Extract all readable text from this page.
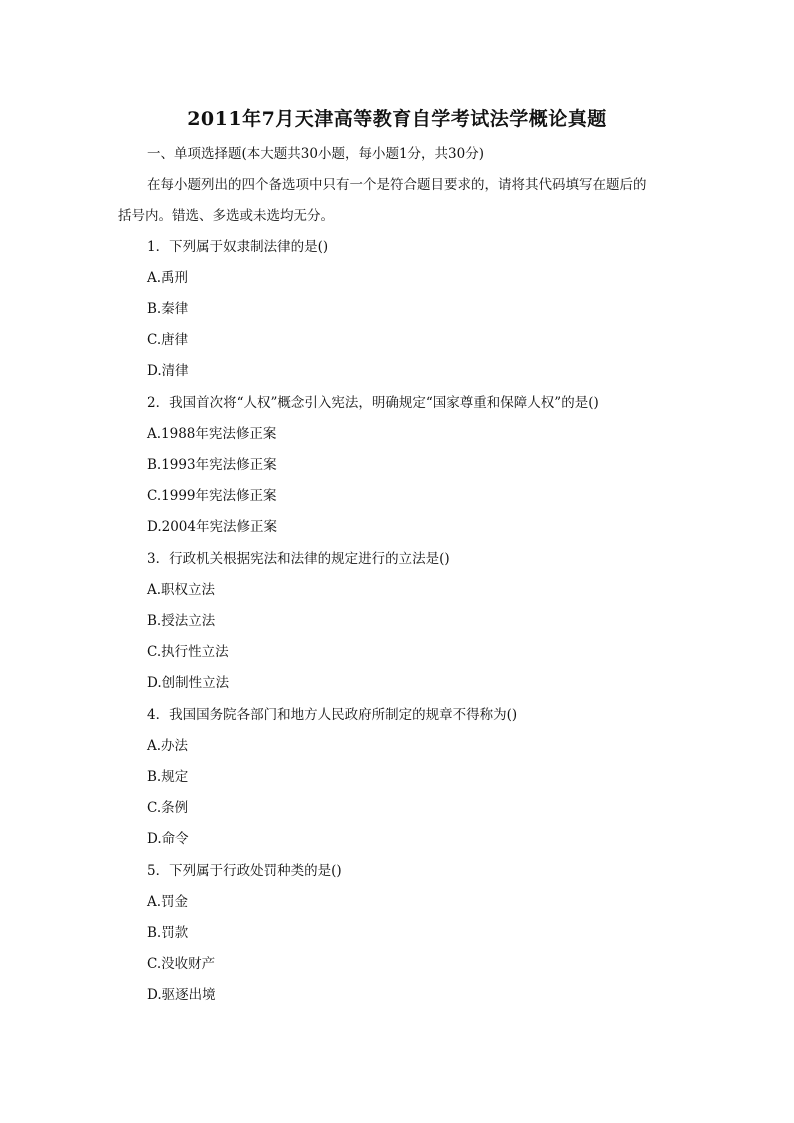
2011年7月天津高等教育自学考试法学概论真题
一、单项选择题(本大题共30小题，每小题1分，共30分)
在每小题列出的四个备选项中只有一个是符合题目要求的，请将其代码填写在题后的
括号内。错选、多选或未选均无分。
1．下列属于奴隶制法律的是()
A.禹刑
B.秦律
C.唐律
D.清律
2．我国首次将“人权”概念引入宪法，明确规定“国家尊重和保障人权”的是()
A.1988年宪法修正案
B.1993年宪法修正案
C.1999年宪法修正案
D.2004年宪法修正案
3．行政机关根据宪法和法律的规定进行的立法是()
A.职权立法
B.授法立法
C.执行性立法
D.创制性立法
4．我国国务院各部门和地方人民政府所制定的规章不得称为()
A.办法
B.规定
C.条例
D.命令
5．下列属于行政处罚种类的是()
A.罚金
B.罚款
C.没收财产
D.驱逐出境
